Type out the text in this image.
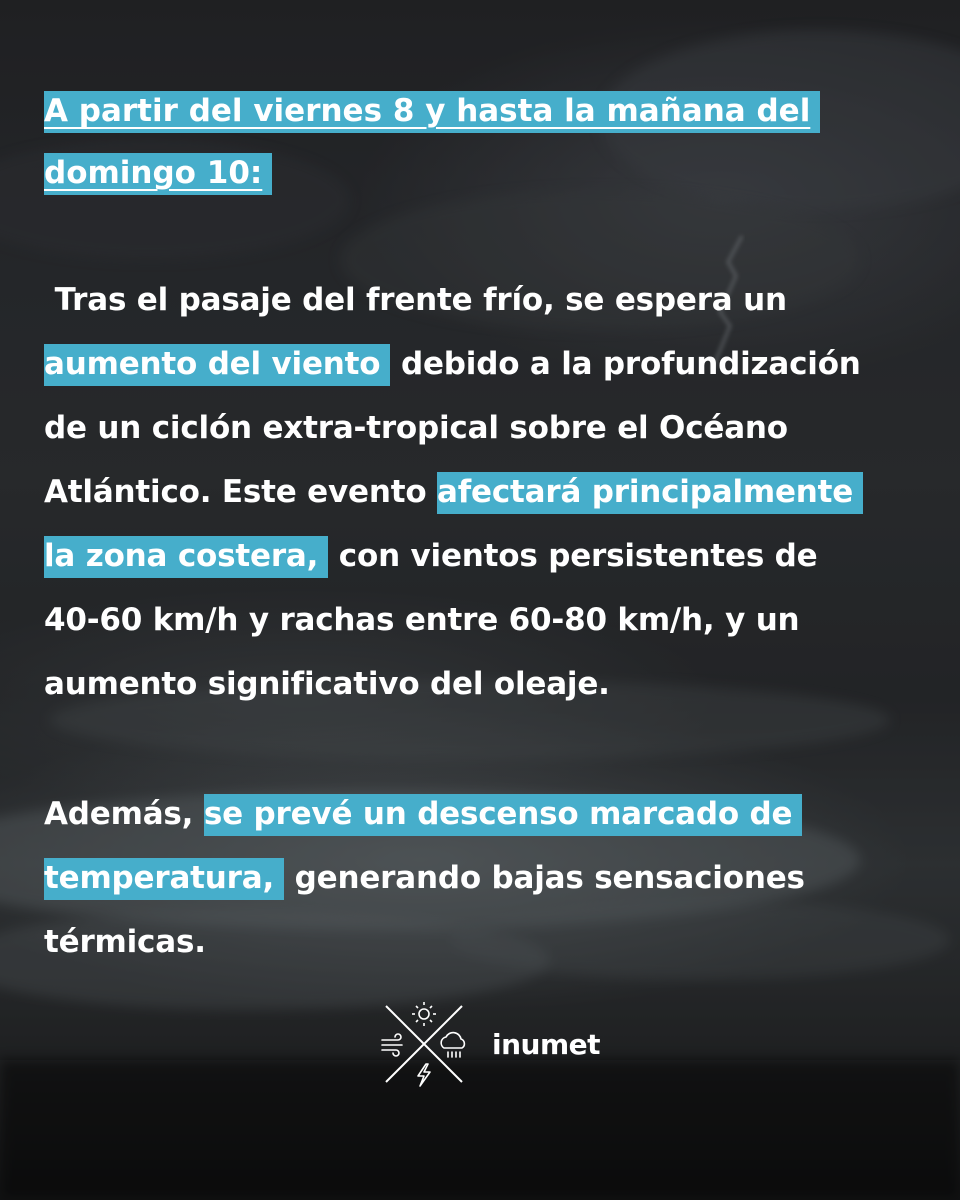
A partir del viernes 8 y hasta la mañana del
domingo 10:
Tras el pasaje del frente frío, se espera un
aumento del viento debido a la profundización
de un ciclón extra-tropical sobre el Océano
Atlántico. Este evento afectará principalmente
la zona costera, con vientos persistentes de
40-60 km/h y rachas entre 60-80 km/h, y un
aumento significativo del oleaje.
Además, se prevé un descenso marcado de
temperatura, generando bajas sensaciones
térmicas.
inumet
